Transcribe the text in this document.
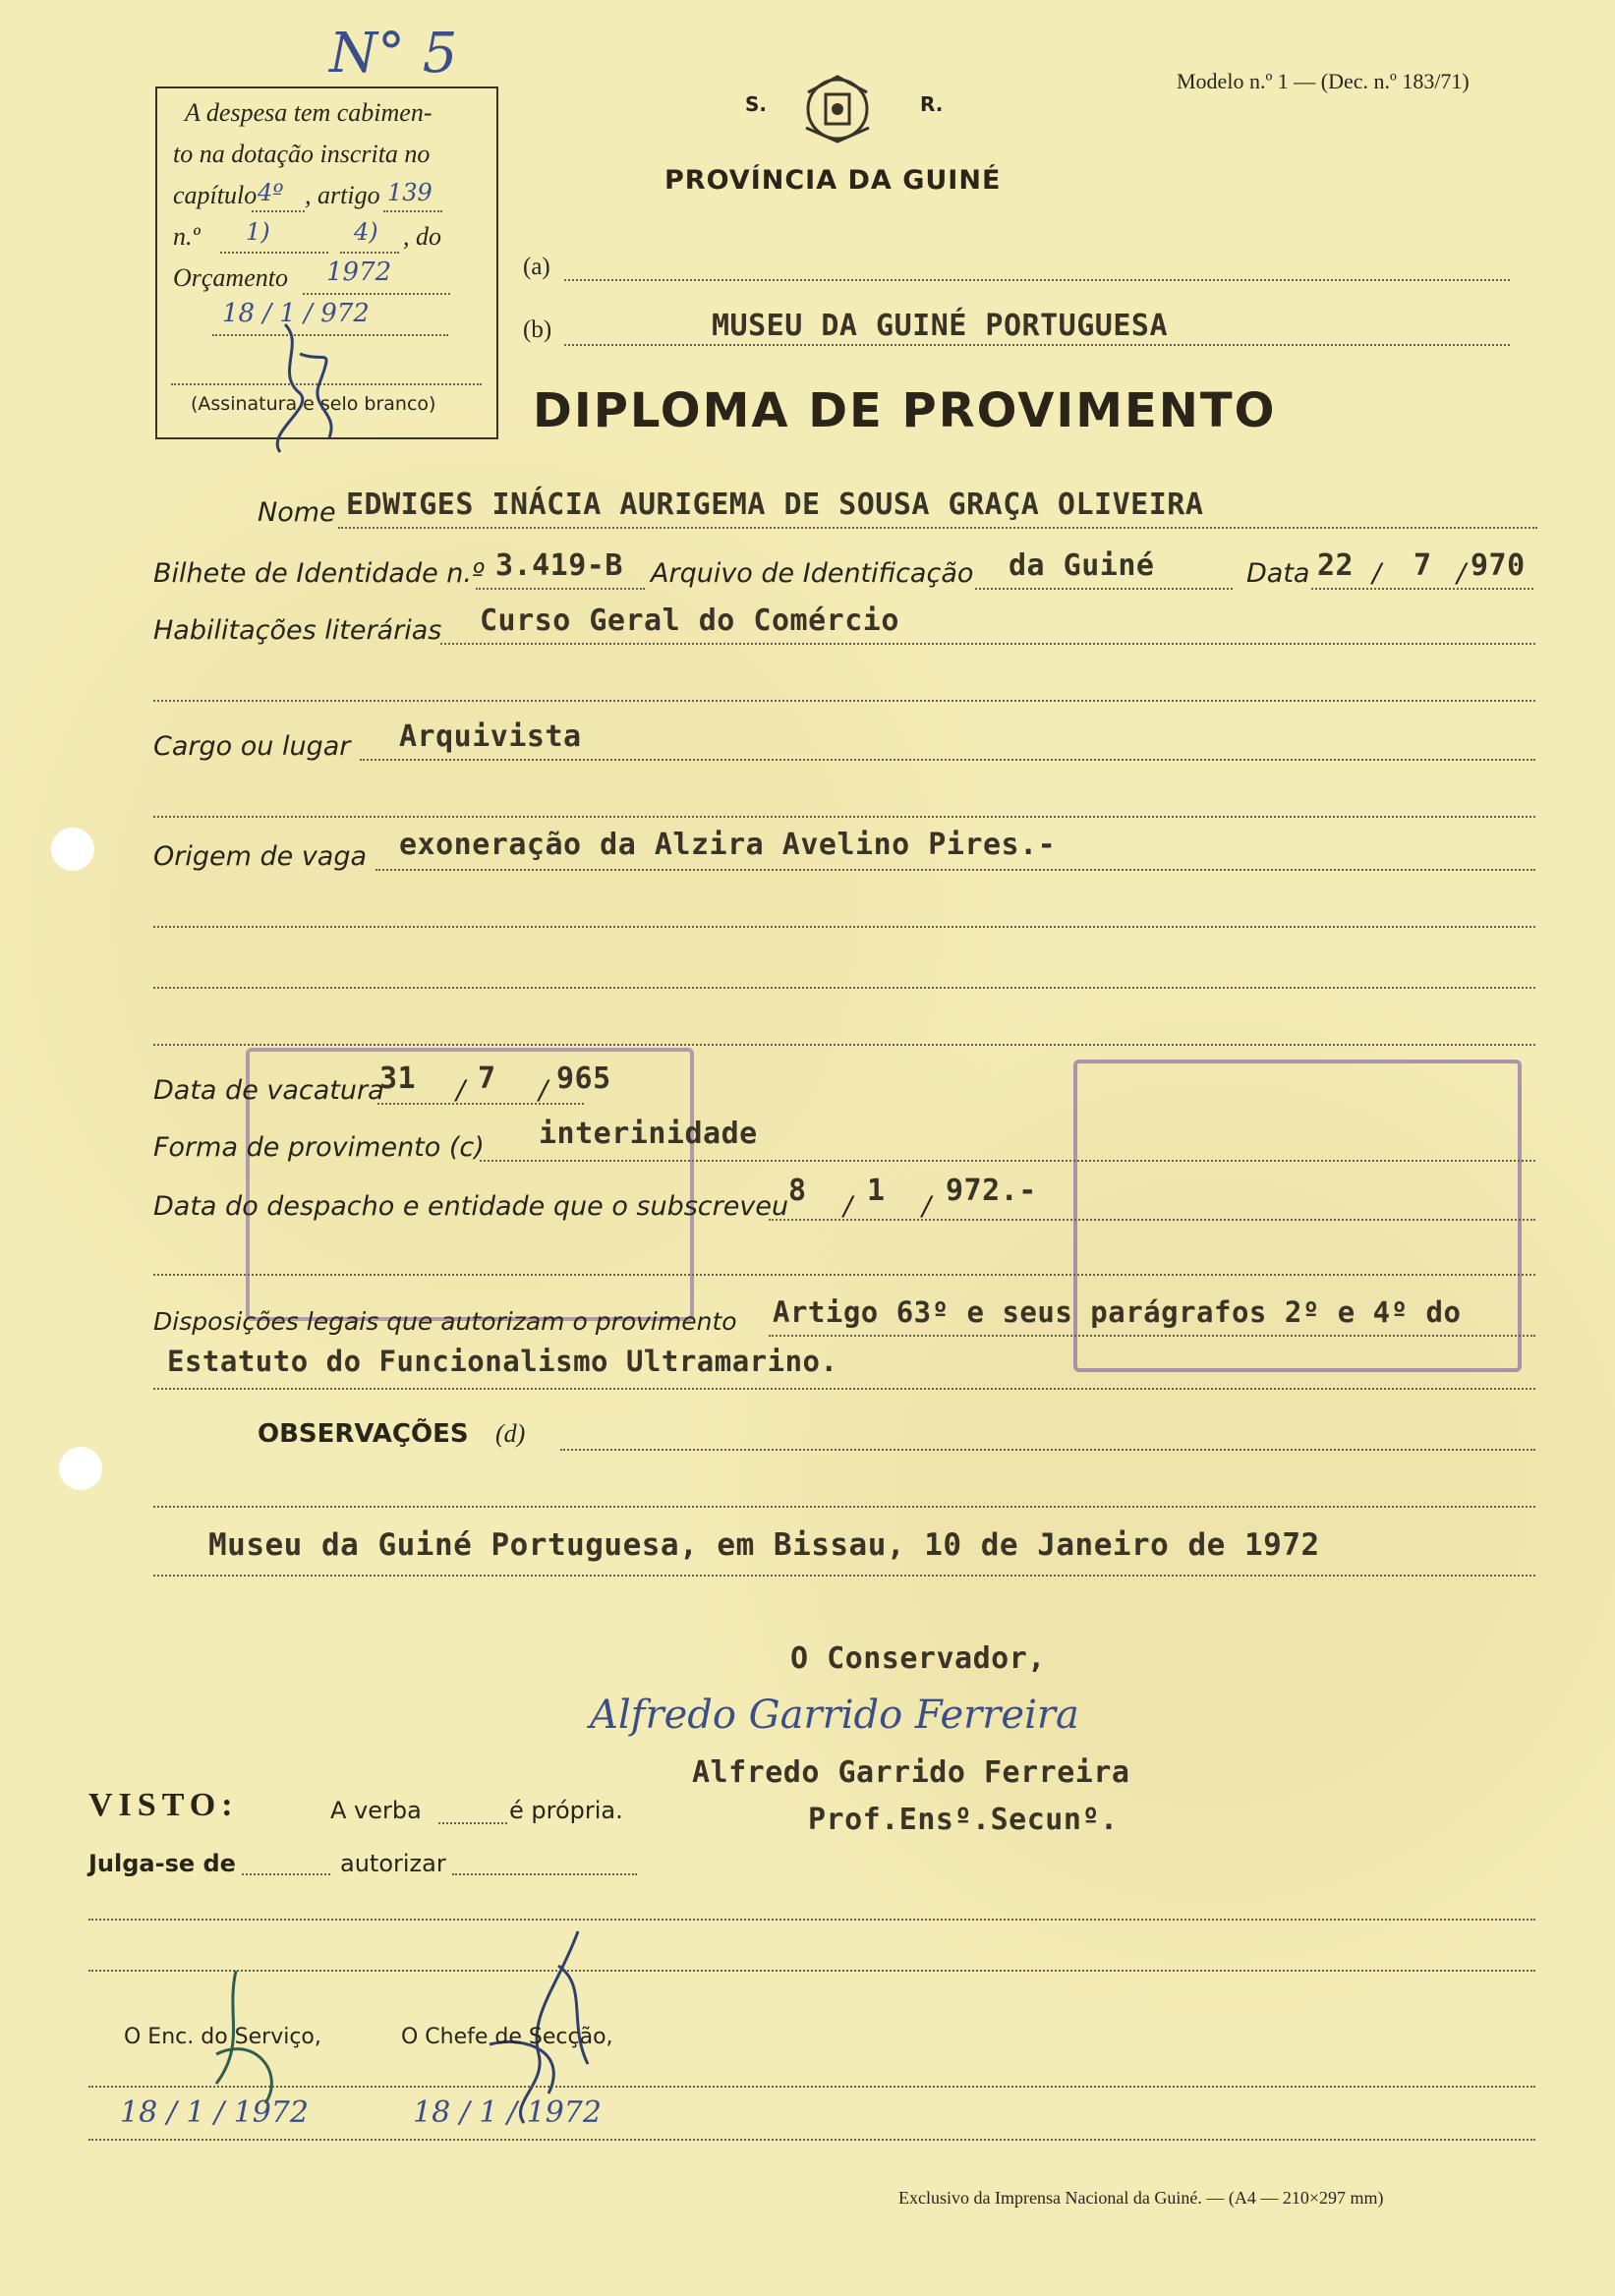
N° 5
A despesa tem cabimen-
to na dotação inscrita no
capítulo 4º , artigo 139
n.º 1)	4) , do
Orçamento 1972
18 / 1 / 972
(Assinatura e selo branco)
S.	R.
Modelo n.º 1 — (Dec. n.º 183/71)
PROVÍNCIA DA GUINÉ
(a)
(b)	MUSEU DA GUINÉ PORTUGUESA
DIPLOMA DE PROVIMENTO
Nome EDWIGES INÁCIA AURIGEMA DE SOUSA GRAÇA OLIVEIRA
Bilhete de Identidade n.º 3.419-B Arquivo de Identificação da Guiné	Data 22 / 7 / 970
Habilitações literárias Curso Geral do Comércio
Cargo ou lugar Arquivista
Origem de vaga exoneração da Alzira Avelino Pires.-
Data de vacatura
31 / 7 / 965
Forma de provimento (c) interinidade
Data do despacho e entidade que o subscreveu 8 / 1 / 972.-
Disposições legais que autorizam o provimento Artigo 63º e seus parágrafos 2º e 4º do
Estatuto do Funcionalismo Ultramarino.
OBSERVAÇÕES (d)
Museu da Guiné Portuguesa, em Bissau, 10 de Janeiro de 1972
O Conservador,
Alfredo Garrido Ferreira
Alfredo Garrido Ferreira
Prof.Ensº.Secunº.
VISTO:	A verba	é própria.
Julga-se de	autorizar
O Enc. do Serviço,	O Chefe de Secção,
18 / 1 / 1972	18 / 1 / 1972
Exclusivo da Imprensa Nacional da Guiné. — (A4 — 210×297 mm)
